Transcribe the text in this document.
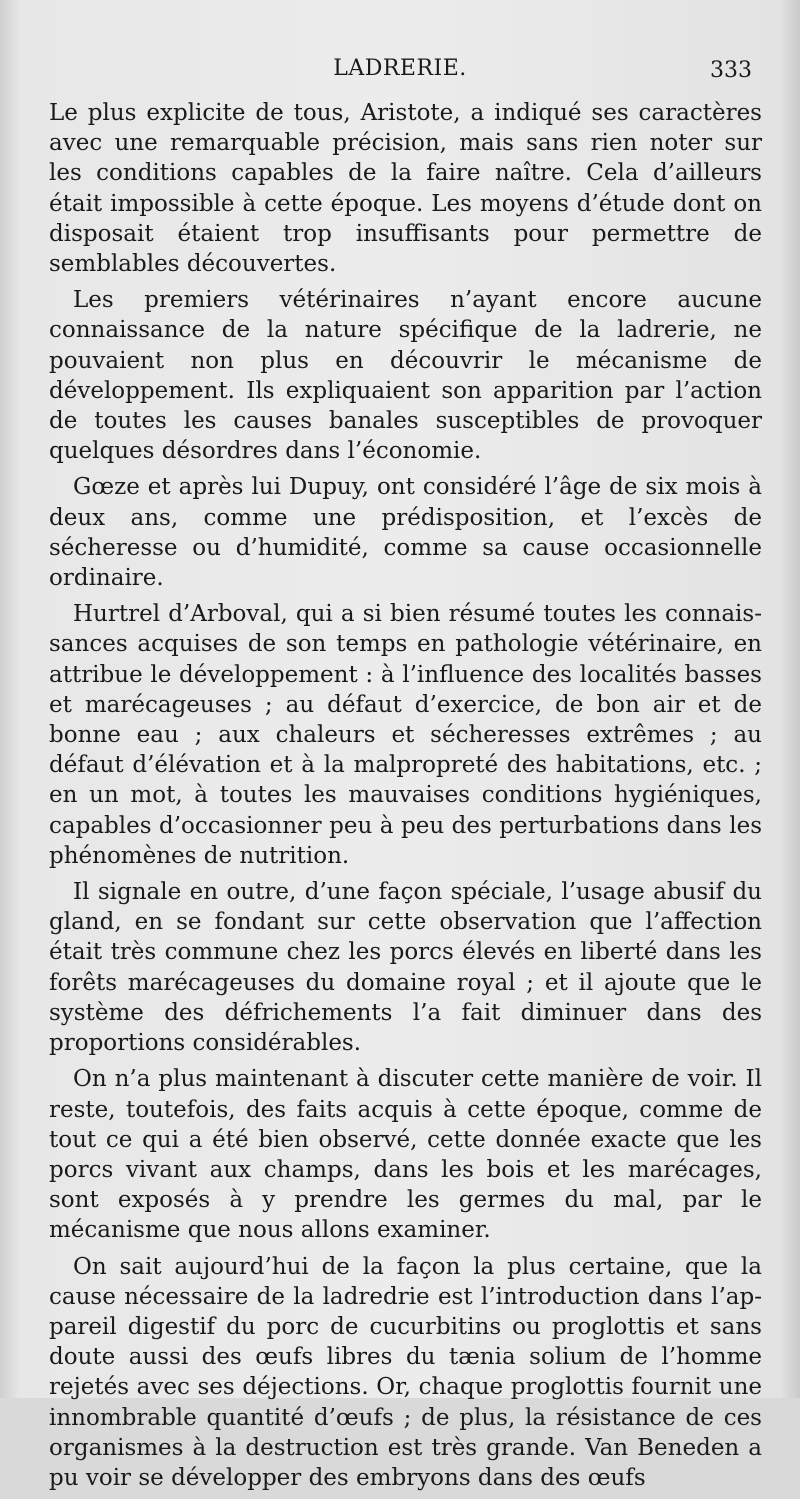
LADRERIE.	333

Le plus explicite de tous, Aristote, a indiqué ses caractères avec une remarquable précision, mais sans rien noter sur les conditions capables de la faire naître. Cela d’ailleurs était impossible à cette époque. Les moyens d’étude dont on disposait étaient trop insuffisants pour permettre de semblables découvertes.

Les premiers vétérinaires n’ayant encore aucune connaissance de la nature spécifique de la ladrerie, ne pouvaient non plus en découvrir le mécanisme de développement. Ils expliquaient son apparition par l’action de toutes les causes banales susceptibles de provoquer quelques désordres dans l’économie.

Gœze et après lui Dupuy, ont considéré l’âge de six mois à deux ans, comme une prédisposition, et l’excès de sécheresse ou d’humidité, comme sa cause occasionnelle ordinaire.

Hurtrel d’Arboval, qui a si bien résumé toutes les connaissances acquises de son temps en pathologie vétérinaire, en attribue le développement : à l’influence des localités basses et marécageuses ; au défaut d’exercice, de bon air et de bonne eau ; aux chaleurs et sécheresses extrêmes ; au défaut d’élévation et à la malpropreté des habitations, etc. ; en un mot, à toutes les mauvaises conditions hygiéniques, capables d’occasionner peu à peu des perturbations dans les phénomènes de nutrition.

Il signale en outre, d’une façon spéciale, l’usage abusif du gland, en se fondant sur cette observation que l’affection était très commune chez les porcs élevés en liberté dans les forêts marécageuses du domaine royal ; et il ajoute que le système des défrichements l’a fait diminuer dans des proportions considérables.

On n’a plus maintenant à discuter cette manière de voir. Il reste, toutefois, des faits acquis à cette époque, comme de tout ce qui a été bien observé, cette donnée exacte que les porcs vivant aux champs, dans les bois et les marécages, sont exposés à y prendre les germes du mal, par le mécanisme que nous allons examiner.

On sait aujourd’hui de la façon la plus certaine, que la cause nécessaire de la ladredrie est l’introduction dans l’appareil digestif du porc de cucurbitins ou proglottis et sans doute aussi des œufs libres du tænia solium de l’homme rejetés avec ses déjections. Or, chaque proglottis fournit une innombrable quantité d’œufs ; de plus, la résistance de ces organismes à la destruction est très grande. Van Beneden a pu voir se développer des embryons dans des œufs
